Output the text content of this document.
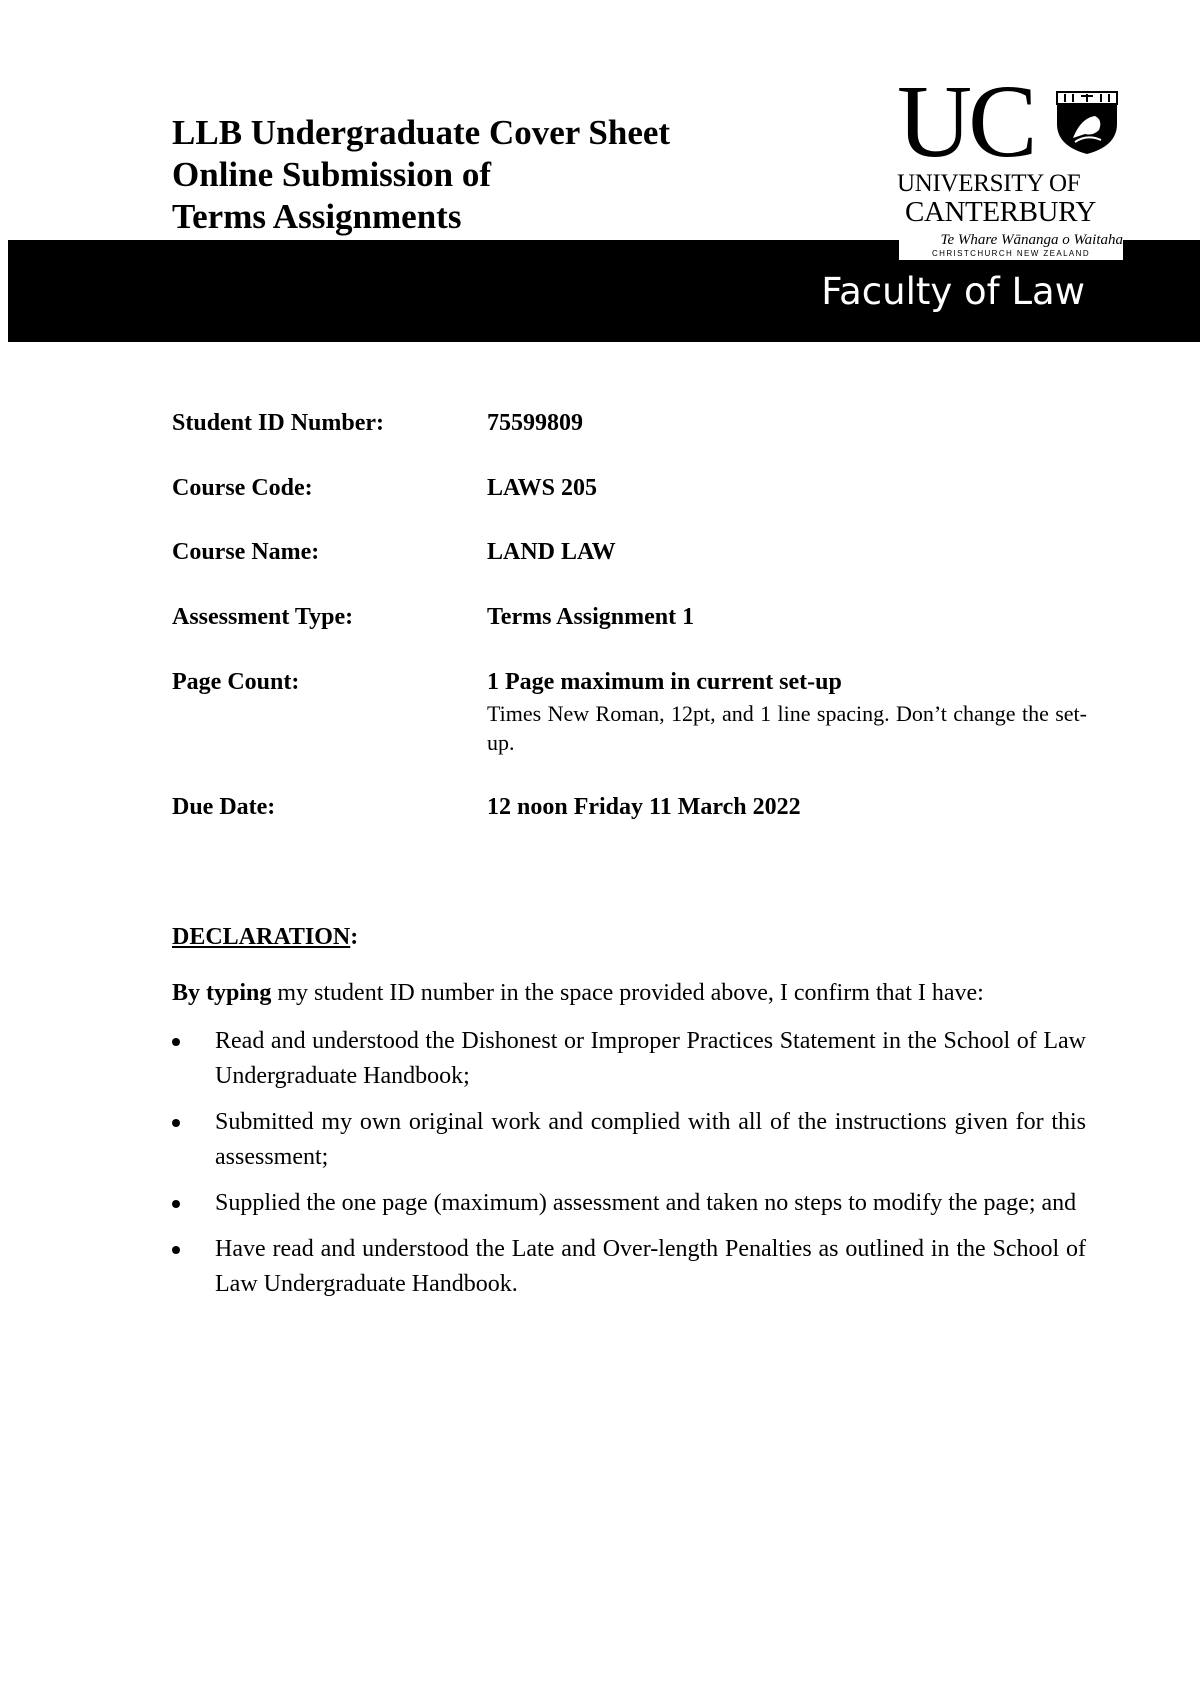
LLB Undergraduate Cover Sheet
Online Submission of
Terms Assignments
Faculty of Law
UC
UNIVERSITY OF
CANTERBURY
Te Whare Wānanga o Waitaha
CHRISTCHURCH NEW ZEALAND
Student ID Number:	75599809
Course Code:	LAWS 205
Course Name:	LAND LAW
Assessment Type:	Terms Assignment 1
Page Count:	1 Page maximum in current set-up
Times New Roman, 12pt, and 1 line spacing. Don’t change the set-up.
Due Date:	12 noon Friday 11 March 2022
DECLARATION:
By typing my student ID number in the space provided above, I confirm that I have:
Read and understood the Dishonest or Improper Practices Statement in the School of Law Undergraduate Handbook;
Submitted my own original work and complied with all of the instructions given for this assessment;
Supplied the one page (maximum) assessment and taken no steps to modify the page; and
Have read and understood the Late and Over-length Penalties as outlined in the School of Law Undergraduate Handbook.
